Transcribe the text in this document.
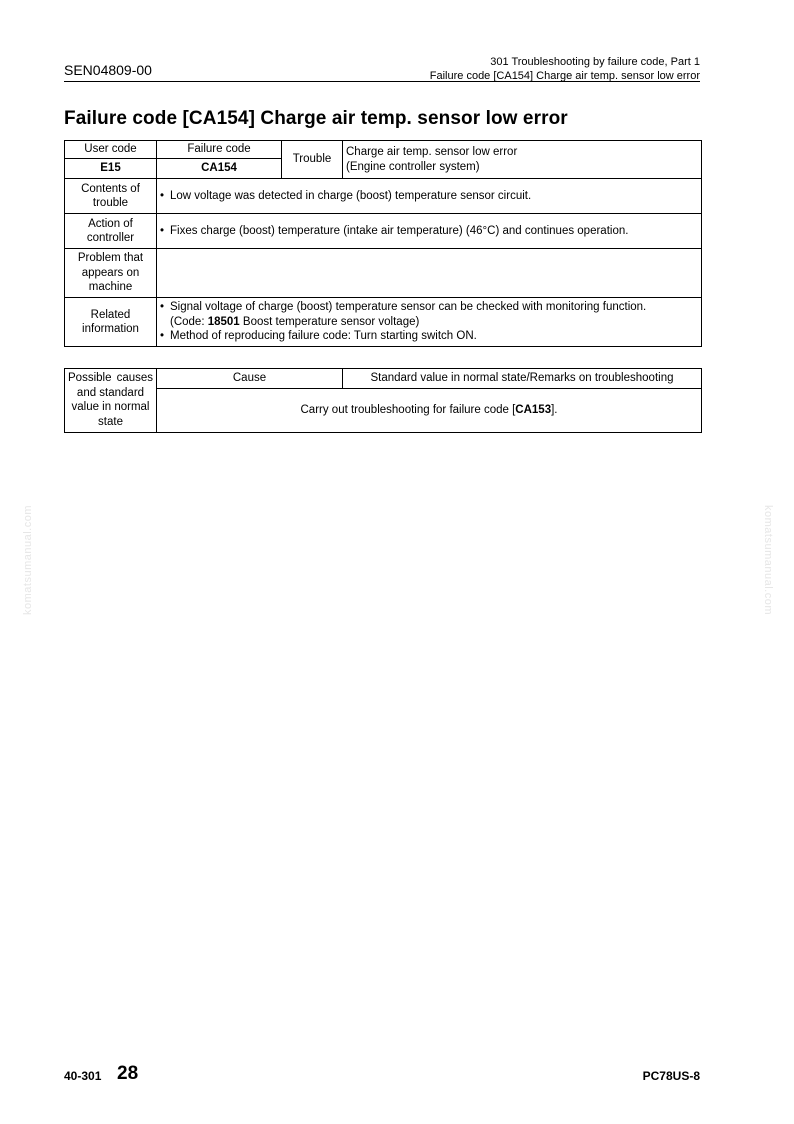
SEN04809-00	301 Troubleshooting by failure code, Part 1
Failure code [CA154] Charge air temp. sensor low error
Failure code [CA154] Charge air temp. sensor low error
User code	Failure code	Trouble	Charge air temp. sensor low error
(Engine controller system)

E15	CA154		
Contents of trouble	• Low voltage was detected in charge (boost) temperature sensor circuit.

Action of controller	• Fixes charge (boost) temperature (intake air temperature) (46°C) and continues operation.

Problem that appears on machine			
Related information	• Signal voltage of charge (boost) temperature sensor can be checked with monitoring function.
(Code: 18501 Boost temperature sensor voltage)
• Method of reproducing failure code: Turn starting switch ON.
Possible causes
and standard value in normal state
	Cause	Standard value in normal state/Remarks on troubleshooting
Carry out troubleshooting for failure code [CA153].
komatsumanual.com	komatsumanual.com
40-301 28	PC78US-8
